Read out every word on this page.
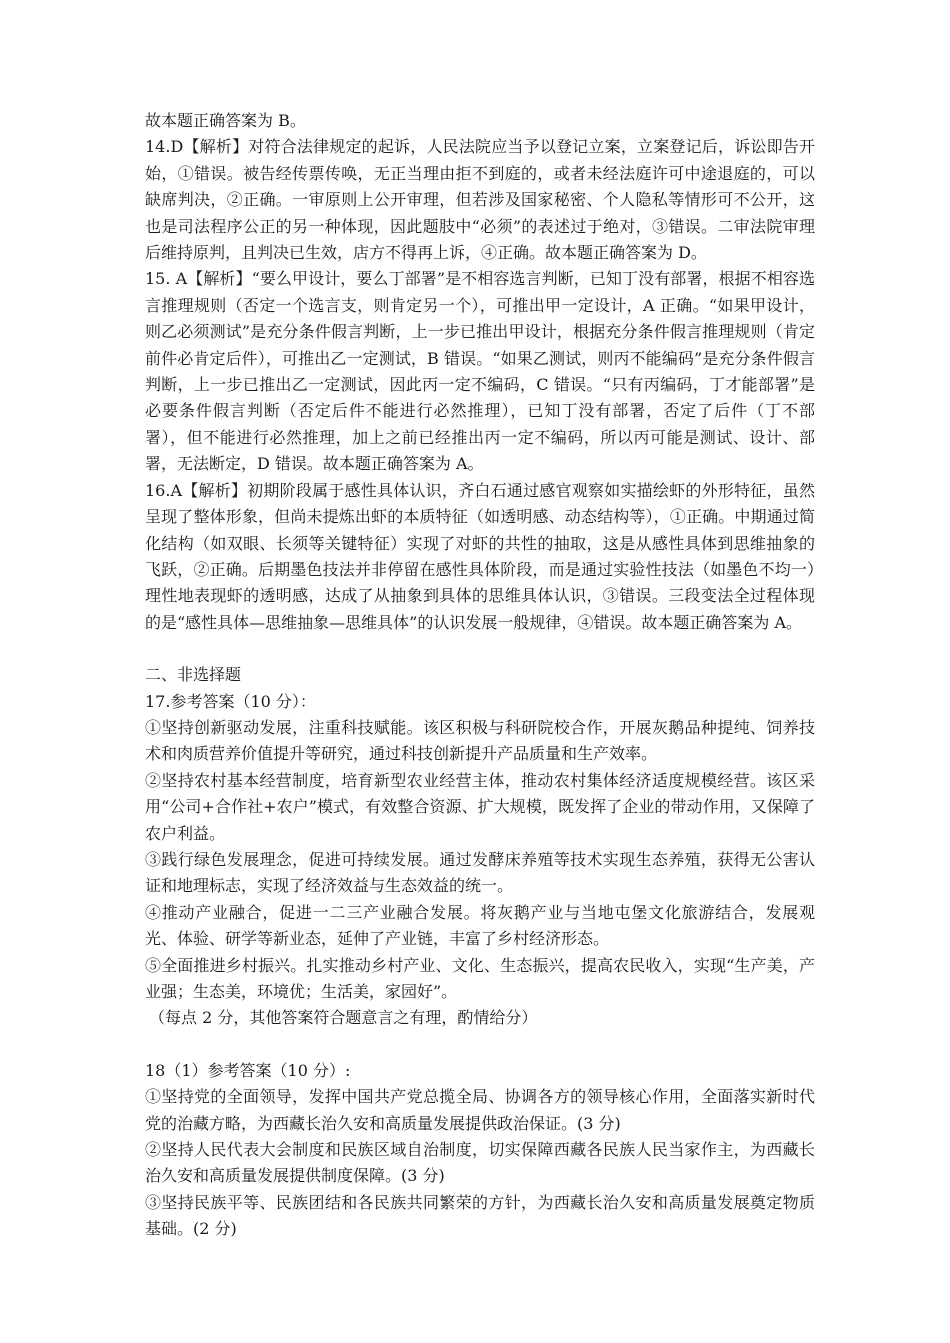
故本题正确答案为 B。

14.D【解析】对符合法律规定的起诉，人民法院应当予以登记立案，立案登记后，诉讼即告开始，①错误。被告经传票传唤，无正当理由拒不到庭的，或者未经法庭许可中途退庭的，可以缺席判决，②正确。一审原则上公开审理，但若涉及国家秘密、个人隐私等情形可不公开，这也是司法程序公正的另一种体现，因此题肢中“必须”的表述过于绝对，③错误。二审法院审理后维持原判，且判决已生效，店方不得再上诉，④正确。故本题正确答案为 D。

15. A【解析】“要么甲设计，要么丁部署”是不相容选言判断，已知丁没有部署，根据不相容选言推理规则（否定一个选言支，则肯定另一个），可推出甲一定设计，A 正确。“如果甲设计，则乙必须测试”是充分条件假言判断，上一步已推出甲设计，根据充分条件假言推理规则（肯定前件必肯定后件），可推出乙一定测试，B 错误。“如果乙测试，则丙不能编码”是充分条件假言判断，上一步已推出乙一定测试，因此丙一定不编码，C 错误。“只有丙编码，丁才能部署”是必要条件假言判断（否定后件不能进行必然推理），已知丁没有部署，否定了后件（丁不部署），但不能进行必然推理，加上之前已经推出丙一定不编码，所以丙可能是测试、设计、部署，无法断定，D 错误。故本题正确答案为 A。

16.A【解析】初期阶段属于感性具体认识，齐白石通过感官观察如实描绘虾的外形特征，虽然呈现了整体形象，但尚未提炼出虾的本质特征（如透明感、动态结构等），①正确。中期通过简化结构（如双眼、长须等关键特征）实现了对虾的共性的抽取，这是从感性具体到思维抽象的飞跃，②正确。后期墨色技法并非停留在感性具体阶段，而是通过实验性技法（如墨色不均一）理性地表现虾的透明感，达成了从抽象到具体的思维具体认识，③错误。三段变法全过程体现的是“感性具体—思维抽象—思维具体”的认识发展一般规律，④错误。故本题正确答案为 A。

二、非选择题

17.参考答案（10 分）：

①坚持创新驱动发展，注重科技赋能。该区积极与科研院校合作，开展灰鹅品种提纯、饲养技术和肉质营养价值提升等研究，通过科技创新提升产品质量和生产效率。

②坚持农村基本经营制度，培育新型农业经营主体，推动农村集体经济适度规模经营。该区采用“公司+合作社+农户”模式，有效整合资源、扩大规模，既发挥了企业的带动作用，又保障了农户利益。

③践行绿色发展理念，促进可持续发展。通过发酵床养殖等技术实现生态养殖，获得无公害认证和地理标志，实现了经济效益与生态效益的统一。

④推动产业融合，促进一二三产业融合发展。将灰鹅产业与当地屯堡文化旅游结合，发展观光、体验、研学等新业态，延伸了产业链，丰富了乡村经济形态。

⑤全面推进乡村振兴。扎实推动乡村产业、文化、生态振兴，提高农民收入，实现“生产美，产业强；生态美，环境优；生活美，家园好”。

（每点 2 分，其他答案符合题意言之有理，酌情给分）

18（1）参考答案（10 分）:

①坚持党的全面领导，发挥中国共产党总揽全局、协调各方的领导核心作用，全面落实新时代党的治藏方略，为西藏长治久安和高质量发展提供政治保证。(3 分)

②坚持人民代表大会制度和民族区域自治制度，切实保障西藏各民族人民当家作主，为西藏长治久安和高质量发展提供制度保障。(3 分)

③坚持民族平等、民族团结和各民族共同繁荣的方针，为西藏长治久安和高质量发展奠定物质基础。(2 分)
